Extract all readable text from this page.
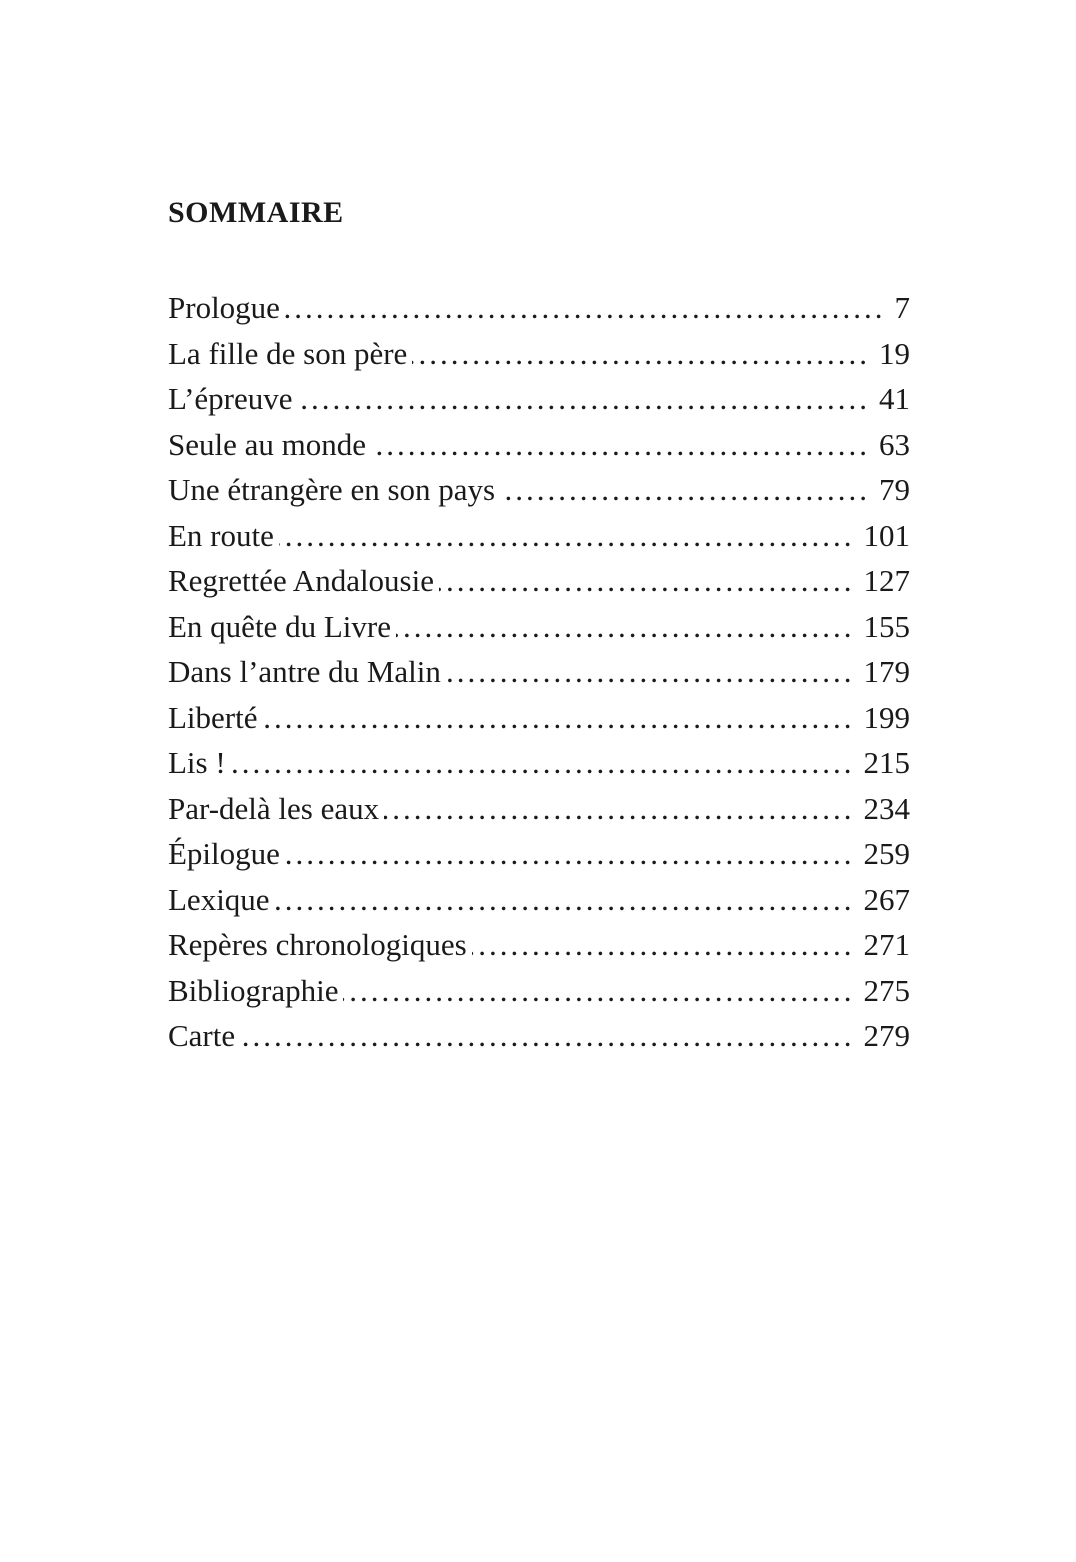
SOMMAIRE
Prologue .....	7
La fille de son père .....	19
L’épreuve .....	41
Seule au monde .....	63
Une étrangère en son pays .....	79
En route .....	101
Regrettée Andalousie .....	127
En quête du Livre .....	155
Dans l’antre du Malin .....	179
Liberté .....	199
Lis ! .....	215
Par-delà les eaux .....	234
Épilogue .....	259
Lexique .....	267
Repères chronologiques .....	271
Bibliographie .....	275
Carte .....	279
